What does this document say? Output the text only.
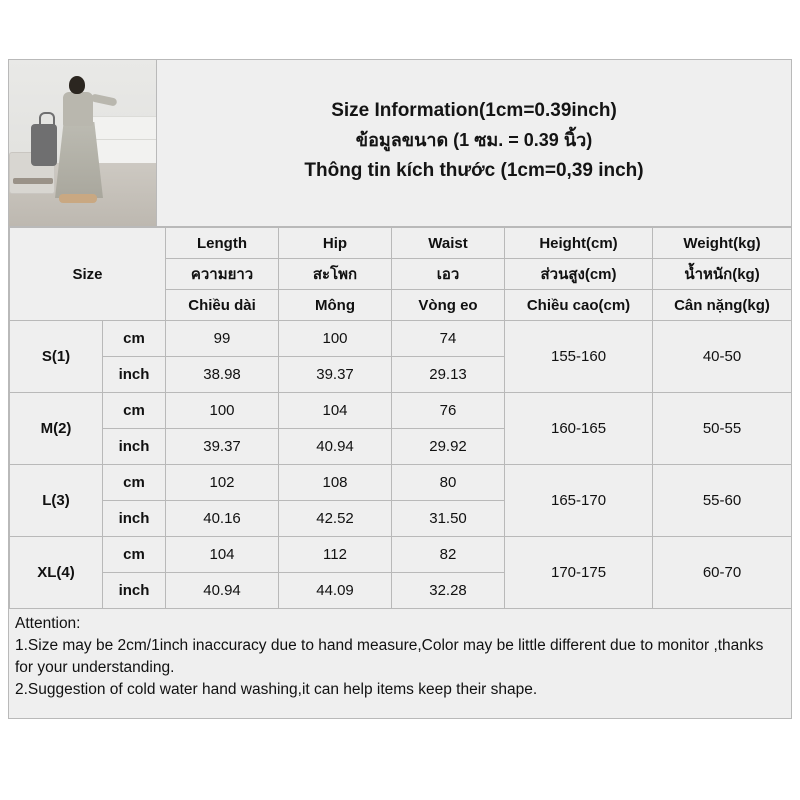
Size Information(1cm=0.39inch)
ข้อมูลขนาด (1 ซม. = 0.39 นิ้ว)
Thông tin kích thước (1cm=0,39 inch)
Size		Length	Hip	Waist	Height(cm)	Weight(kg)
		ความยาว	สะโพก	เอว	ส่วนสูง(cm)	น้ำหนัก(kg)
		Chiều dài	Mông	Vòng eo	Chiều cao(cm)	Cân nặng(kg)
S(1)	cm	99	100	74	155-160	40-50
	inch	38.98	39.37	29.13		
M(2)	cm	100	104	76	160-165	50-55
	inch	39.37	40.94	29.92		
L(3)	cm	102	108	80	165-170	55-60
	inch	40.16	42.52	31.50		
XL(4)	cm	104	112	82	170-175	60-70
	inch	40.94	44.09	32.28		
Attention:
1.Size may be 2cm/1inch inaccuracy due to hand measure,Color may be little different due to monitor ,thanks for your understanding.
2.Suggestion of cold water hand washing,it can help items keep their shape.
